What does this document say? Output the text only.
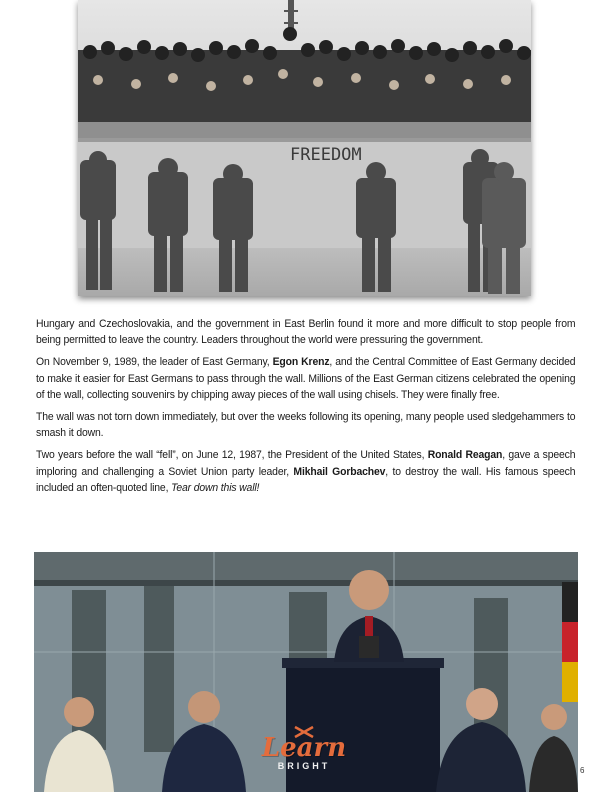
FREEDOM

Hungary and Czechoslovakia, and the government in East Berlin found it more and more difficult to stop people from being permitted to leave the country. Leaders throughout the world were pressuring the government.

On November 9, 1989, the leader of East Germany, Egon Krenz, and the Central Committee of East Germany decided to make it easier for East Germans to pass through the wall. Millions of the East German citizens celebrated the opening of the wall, collecting souvenirs by chipping away pieces of the wall using chisels. They were finally free.

The wall was not torn down immediately, but over the weeks following its opening, many people used sledgehammers to smash it down.

Two years before the wall “fell”, on June 12, 1987, the President of the United States, Ronald Reagan, gave a speech imploring and challenging a Soviet Union party leader, Mikhail Gorbachev, to destroy the wall. His famous speech included an often-quoted line, Tear down this wall!

Learn
BRIGHT	6
